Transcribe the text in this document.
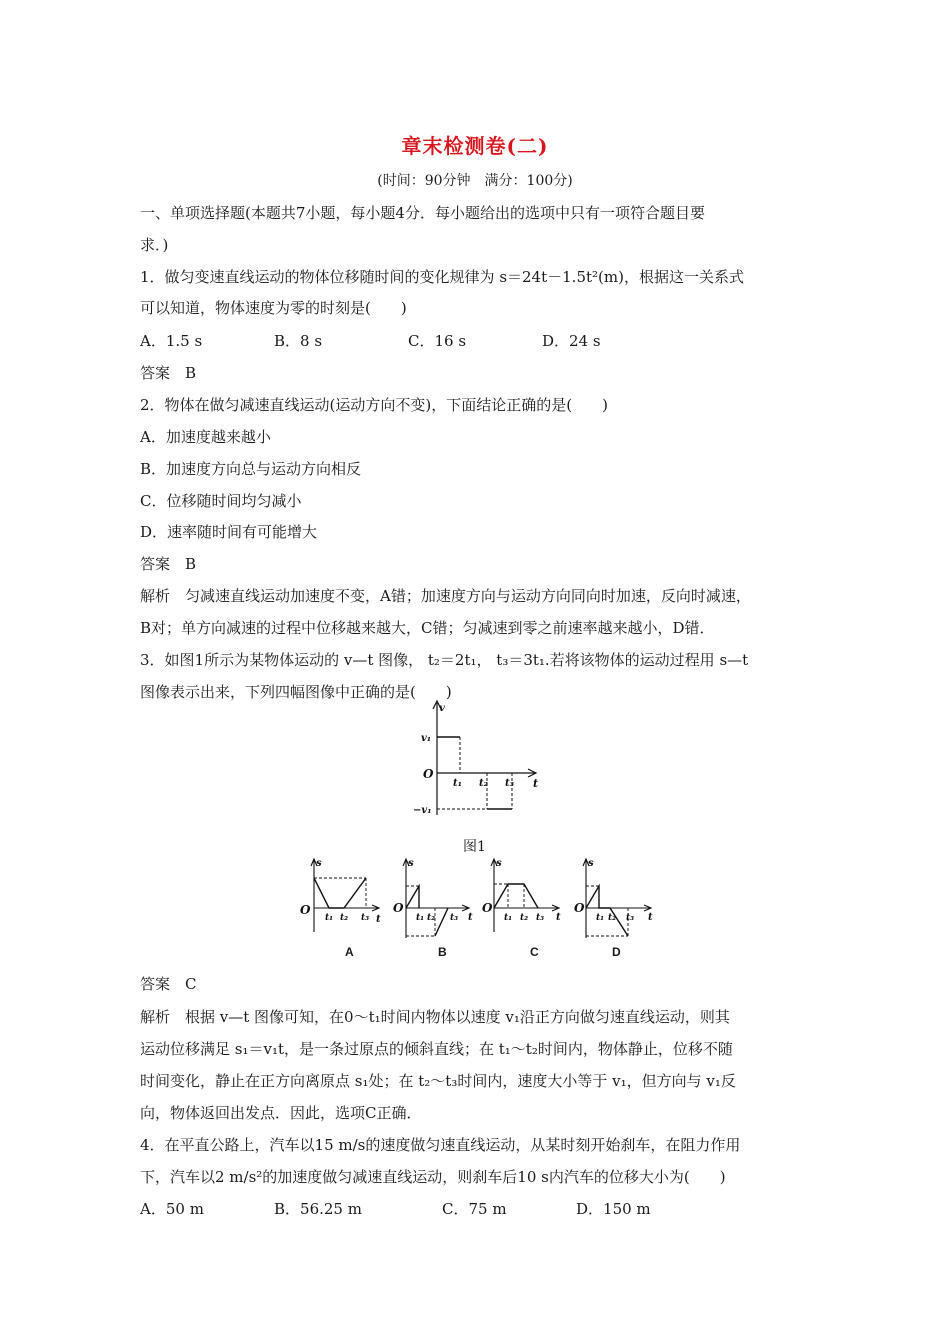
章末检测卷(二)
(时间：90分钟　满分：100分)
一、单项选择题(本题共7小题，每小题4分．每小题给出的选项中只有一项符合题目要
求．)
1．做匀变速直线运动的物体位移随时间的变化规律为 s＝24t－1.5t²(m)，根据这一关系式
可以知道，物体速度为零的时刻是(　　)
A．1.5 s	B．8 s	C．16 s	D．24 s
答案　B
2．物体在做匀减速直线运动(运动方向不变)，下面结论正确的是(　　)
A．加速度越来越小
B．加速度方向总与运动方向相反
C．位移随时间均匀减小
D．速率随时间有可能增大
答案　B
解析　匀减速直线运动加速度不变，A错；加速度方向与运动方向同向时加速，反向时减速，
B对；单方向减速的过程中位移越来越大，C错；匀减速到零之前速率越来越小，D错．
3．如图1所示为某物体运动的 v—t 图像， t₂＝2t₁， t₃＝3t₁.若将该物体的运动过程用 s—t
图像表示出来，下列四幅图像中正确的是(　　)
v
t
O
v₁
−v₁
t₁ t₂ t₃
图1
s
O
t
t₁ t₂ t₃
s
O
t
t₁ t₂ t₃
s
O
t
t₁ t₂ t₃
s
O
t
t₁ t₂ t₃
A	B	C	D
答案　C
解析　根据 v—t 图像可知，在0～t₁时间内物体以速度 v₁沿正方向做匀速直线运动，则其
运动位移满足 s₁＝v₁t，是一条过原点的倾斜直线；在 t₁～t₂时间内，物体静止，位移不随
时间变化，静止在正方向离原点 s₁处；在 t₂～t₃时间内，速度大小等于 v₁，但方向与 v₁反
向，物体返回出发点．因此，选项C正确．
4．在平直公路上，汽车以15 m/s的速度做匀速直线运动，从某时刻开始刹车，在阻力作用
下，汽车以2 m/s²的加速度做匀减速直线运动，则刹车后10 s内汽车的位移大小为(　　)
A．50 m	B．56.25 m	C．75 m	D．150 m
